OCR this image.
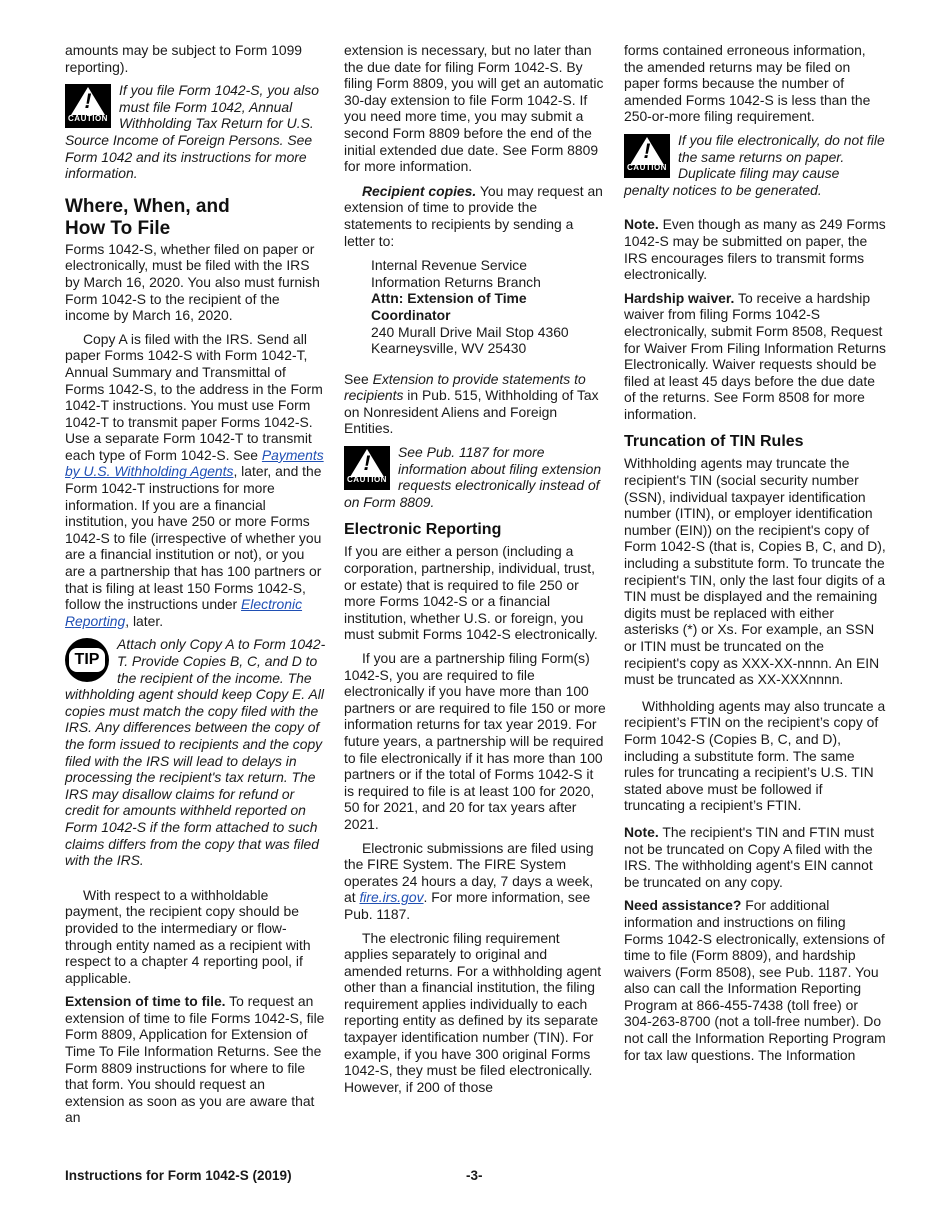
amounts may be subject to Form 1099 reporting).

!
CAUTION
If you file Form 1042-S, you also must file Form 1042, Annual Withholding Tax Return for U.S. Source Income of Foreign Persons. See Form 1042 and its instructions for more information.
Where, When, and How To File

Forms 1042-S, whether filed on paper or electronically, must be filed with the IRS by March 16, 2020. You also must furnish Form 1042-S to the recipient of the income by March 16, 2020.

Copy A is filed with the IRS. Send all paper Forms 1042-S with Form 1042-T, Annual Summary and Transmittal of Forms 1042-S, to the address in the Form 1042-T instructions. You must use Form 1042-T to transmit paper Forms 1042-S. Use a separate Form 1042-T to transmit each type of Form 1042-S. See Payments by U.S. Withholding Agents, later, and the Form 1042-T instructions for more information. If you are a financial institution, you have 250 or more Forms 1042-S to file (irrespective of whether you are a financial institution or not), or you are a partnership that has 100 partners or that is filing at least 150 Forms 1042-S, follow the instructions under Electronic Reporting, later.

TIP
Attach only Copy A to Form 1042-T. Provide Copies B, C, and D to the recipient of the income. The withholding agent should keep Copy E. All copies must match the copy filed with the IRS. Any differences between the copy of the form issued to recipients and the copy filed with the IRS will lead to delays in processing the recipient's tax return. The IRS may disallow claims for refund or credit for amounts withheld reported on Form 1042-S if the form attached to such claims differs from the copy that was filed with the IRS.

With respect to a withholdable payment, the recipient copy should be provided to the intermediary or flow-through entity named as a recipient with respect to a chapter 4 reporting pool, if applicable.

Extension of time to file. To request an extension of time to file Forms 1042-S, file Form 8809, Application for Extension of Time To File Information Returns. See the Form 8809 instructions for where to file that form. You should request an extension as soon as you are aware that an

extension is necessary, but no later than the due date for filing Form 1042-S. By filing Form 8809, you will get an automatic 30-day extension to file Form 1042-S. If you need more time, you may submit a second Form 8809 before the end of the initial extended due date. See Form 8809 for more information.

Recipient copies. You may request an extension of time to provide the statements to recipients by sending a letter to:

Internal Revenue Service
Information Returns Branch
Attn: Extension of Time
Coordinator
240 Murall Drive Mail Stop 4360
Kearneysville, WV 25430

See Extension to provide statements to recipients in Pub. 515, Withholding of Tax on Nonresident Aliens and Foreign Entities.

!
CAUTION
See Pub. 1187 for more information about filing extension requests electronically instead of on Form 8809.
Electronic Reporting

If you are either a person (including a corporation, partnership, individual, trust, or estate) that is required to file 250 or more Forms 1042-S or a financial institution, whether U.S. or foreign, you must submit Forms 1042-S electronically.

If you are a partnership filing Form(s) 1042-S, you are required to file electronically if you have more than 100 partners or are required to file 150 or more information returns for tax year 2019. For future years, a partnership will be required to file electronically if it has more than 100 partners or if the total of Forms 1042-S it is required to file is at least 100 for 2020, 50 for 2021, and 20 for tax years after 2021.

Electronic submissions are filed using the FIRE System. The FIRE System operates 24 hours a day, 7 days a week, at fire.irs.gov. For more information, see Pub. 1187.

The electronic filing requirement applies separately to original and amended returns. For a withholding agent other than a financial institution, the filing requirement applies individually to each reporting entity as defined by its separate taxpayer identification number (TIN). For example, if you have 300 original Forms 1042-S, they must be filed electronically. However, if 200 of those

forms contained erroneous information, the amended returns may be filed on paper forms because the number of amended Forms 1042-S is less than the 250-or-more filing requirement.

!
CAUTION
If you file electronically, do not file the same returns on paper. Duplicate filing may cause penalty notices to be generated.

Note. Even though as many as 249 Forms 1042-S may be submitted on paper, the IRS encourages filers to transmit forms electronically.

Hardship waiver. To receive a hardship waiver from filing Forms 1042-S electronically, submit Form 8508, Request for Waiver From Filing Information Returns Electronically. Waiver requests should be filed at least 45 days before the due date of the returns. See Form 8508 for more information.

Truncation of TIN Rules

Withholding agents may truncate the recipient's TIN (social security number (SSN), individual taxpayer identification number (ITIN), or employer identification number (EIN)) on the recipient's copy of Form 1042-S (that is, Copies B, C, and D), including a substitute form. To truncate the recipient's TIN, only the last four digits of a TIN must be displayed and the remaining digits must be replaced with either asterisks (*) or Xs. For example, an SSN or ITIN must be truncated on the recipient's copy as XXX-XX-nnnn. An EIN must be truncated as XX-XXXnnnn.

Withholding agents may also truncate a recipient’s FTIN on the recipient’s copy of Form 1042-S (Copies B, C, and D), including a substitute form. The same rules for truncating a recipient’s U.S. TIN stated above must be followed if truncating a recipient’s FTIN.

Note. The recipient's TIN and FTIN must not be truncated on Copy A filed with the IRS. The withholding agent's EIN cannot be truncated on any copy.

Need assistance? For additional information and instructions on filing Forms 1042-S electronically, extensions of time to file (Form 8809), and hardship waivers (Form 8508), see Pub. 1187. You also can call the Information Reporting Program at 866-455-7438 (toll free) or 304-263-8700 (not a toll-free number). Do not call the Information Reporting Program for tax law questions. The Information

Instructions for Form 1042-S (2019)	-3-
